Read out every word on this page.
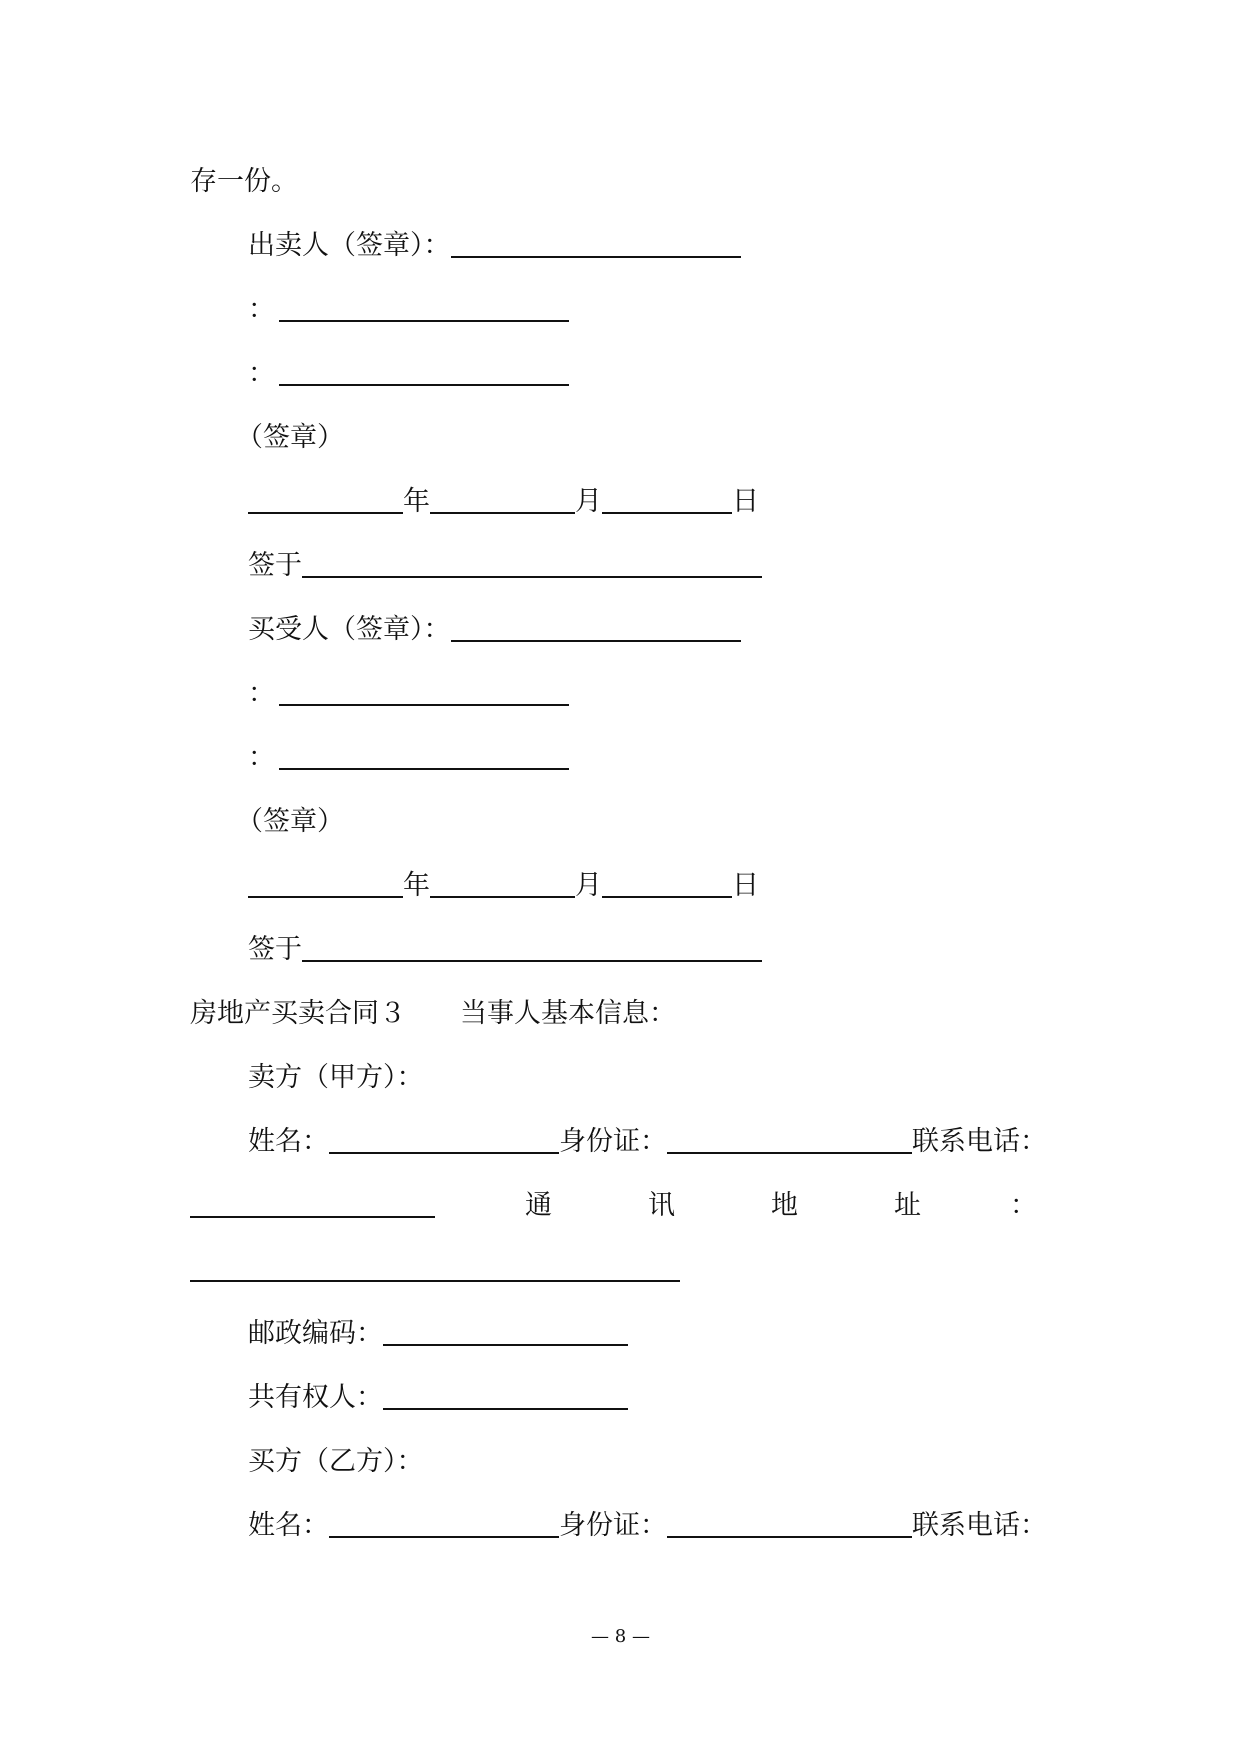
存一份。
出卖人（签章）：
：
：
（签章）
年	月	日
签于
买受人（签章）：
：
：
（签章）
年	月	日
签于
房地产买卖合同３　　当事人基本信息：
卖方（甲方）：
姓名：	身份证：	联系电话：
通	讯	地	址	：
邮政编码：
共有权人：
买方（乙方）：
姓名：	身份证：	联系电话：
— 8 —
